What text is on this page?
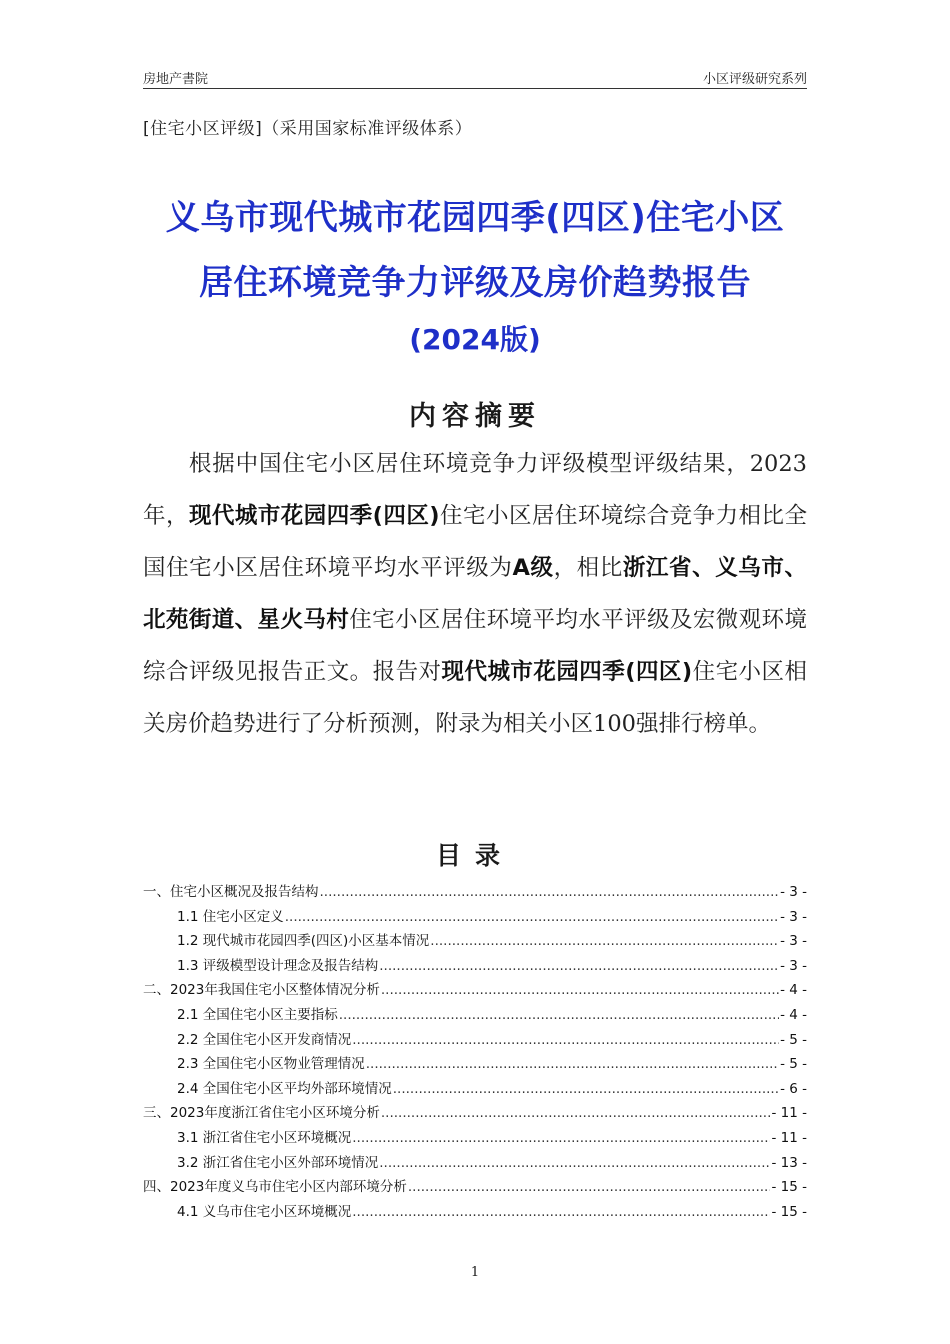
房地产書院	小区评级研究系列
[住宅小区评级]（采用国家标准评级体系）
义乌市现代城市花园四季(四区)住宅小区
居住环境竞争力评级及房价趋势报告
(2024版)
内容摘要
根据中国住宅小区居住环境竞争力评级模型评级结果，2023年，现代城市花园四季(四区)住宅小区居住环境综合竞争力相比全国住宅小区居住环境平均水平评级为A级，相比浙江省、义乌市、北苑街道、星火马村住宅小区居住环境平均水平评级及宏微观环境综合评级见报告正文。报告对现代城市花园四季(四区)住宅小区相关房价趋势进行了分析预测，附录为相关小区100强排行榜单。
目录
一、住宅小区概况及报告结构 .....	- 3 -
1.1 住宅小区定义 .....	- 3 -
1.2 现代城市花园四季(四区)小区基本情况 .....	- 3 -
1.3 评级模型设计理念及报告结构 .....	- 3 -
二、2023年我国住宅小区整体情况分析 .....	- 4 -
2.1 全国住宅小区主要指标 .....	- 4 -
2.2 全国住宅小区开发商情况 .....	- 5 -
2.3 全国住宅小区物业管理情况 .....	- 5 -
2.4 全国住宅小区平均外部环境情况 .....	- 6 -
三、2023年度浙江省住宅小区环境分析 .....	- 11 -
3.1 浙江省住宅小区环境概况 .....	- 11 -
3.2 浙江省住宅小区外部环境情况 .....	- 13 -
四、2023年度义乌市住宅小区内部环境分析 .....	- 15 -
4.1 义乌市住宅小区环境概况 .....	- 15 -
1
